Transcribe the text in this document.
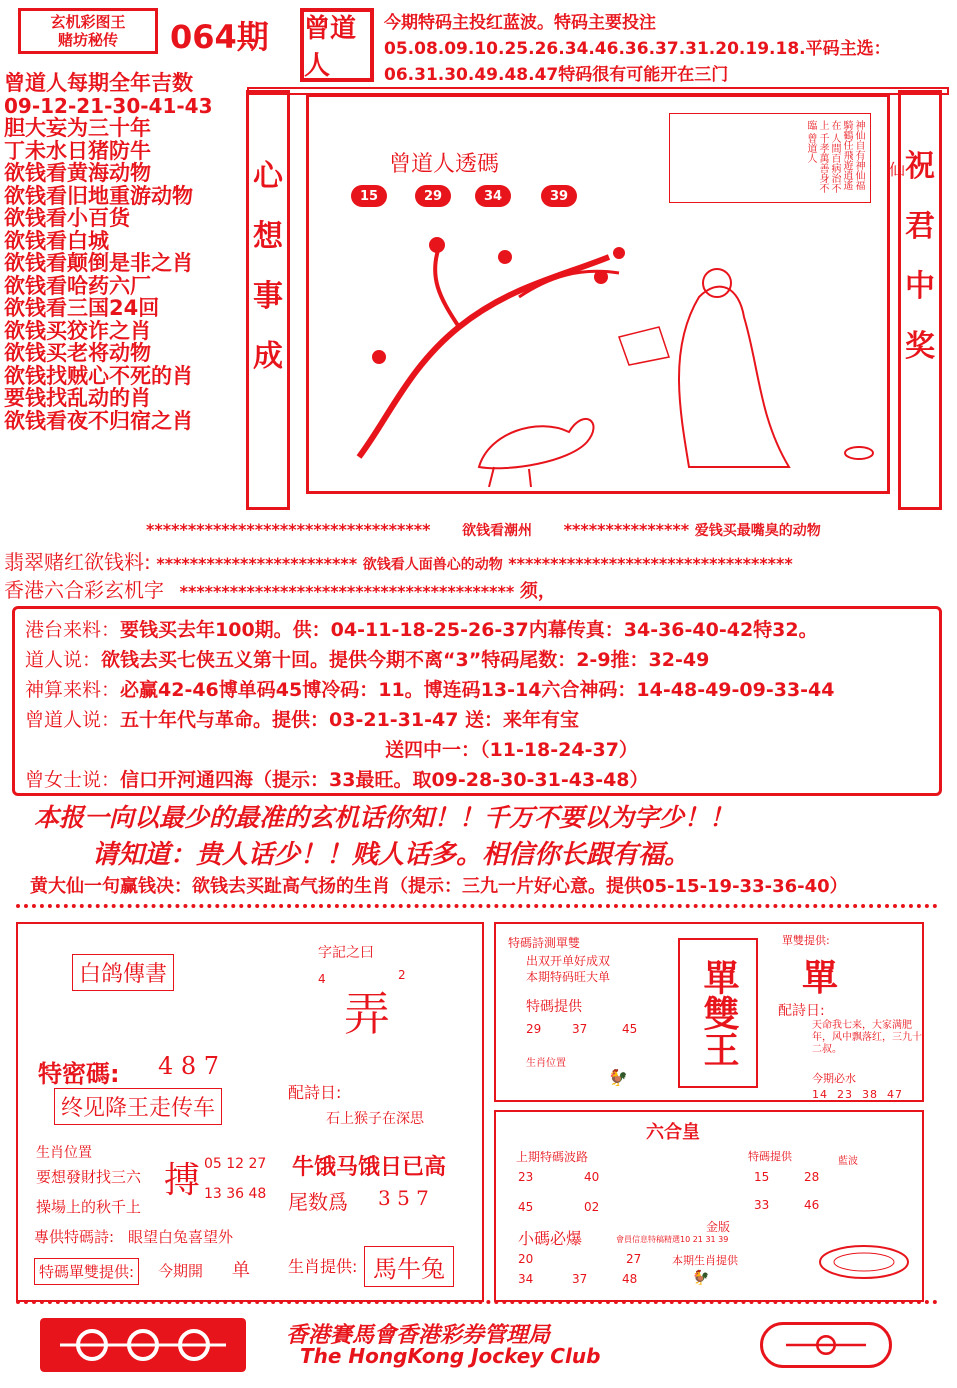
玄机彩图王
赌坊秘传 064期 曾道人
今期特码主投红蓝波。特码主要投注05.08.09.10.25.26.34.46.36.37.31.20.19.18.平码主选：06.31.30.49.48.47特码很有可能开在三门
曾道人每期全年吉数
09-12-21-30-41-43
胆大妄为三十年
丁未水日猪防牛
欲钱看黄海动物
欲钱看旧地重游动物
欲钱看小百货
欲钱看白城
欲钱看颠倒是非之肖
欲钱看哈药六厂
欲钱看三国24回
欲钱买狡诈之肖
欲钱买老将动物
欲钱找贼心不死的肖
要钱找乱动的肖
欲钱看夜不归宿之肖
心
想
事
成
祝
君
中
奖
曾道人透碼
15	29	34	39
神仙自有神仙福 騎鶴任飛遊逍遙在 人間百病治不上 千孝萬善身不臨 曾道人
仙
********************************** 欲钱看潮州 *************** 爱钱买最嘴臭的动物
翡翠赌红欲钱料: ************************ 欲钱看人面兽心的动物 **********************************
香港六合彩玄机字 **************************************** 须，
港台来料：要钱买去年100期。供：04-11-18-25-26-37内幕传真：34-36-40-42特32。
道人说：欲钱去买七侠五义第十回。提供今期不离“3”特码尾数：2-9推：32-49
神算来料：必赢42-46博单码45博冷码：11。博连码13-14六合神码：14-48-49-09-33-44
曾道人说：五十年代与革命。提供：03-21-31-47 送：来年有宝
送四中一：（11-18-24-37）
曾女士说：信口开河通四海（提示：33最旺。取09-28-30-31-43-48）
本报一向以最少的最准的玄机话你知！！千万不要以为字少！！
请知道：贵人话少！！贱人话多。相信你长跟有福。
黄大仙一句赢钱决：欲钱去买趾高气扬的生肖（提示：三九一片好心意。提供05-15-19-33-36-40）
白鸽傳書
字記之曰
4	2
弄
特密碼: 4 8 7
终见降王走传车
配詩日:
石上猴子在深思
生肖位置
要想發財找三六
操場上的秋千上
搏 05 12 27
13 36 48
牛饿马饿日已高
尾数爲 3 5 7
專供特碼詩: 眼望白兔喜望外
特碼單雙提供:	今期開 单 生肖提供: 馬牛兔
特碼詩測單雙
出双开单好成双
本期特码旺大单
特碼提供
29	37	45
生肖位置
🐓
單雙王
單雙提供:
單
配詩日:
天命我七来，大家满肥年，风中飘落红，三九十二叔。
今期必水
14 23 38 47
六合皇
上期特碼波路
23	40
45	02
特碼提供
15	28
33	46
藍波
金版
小碼必爆	會員信息特稿精選10 21 31 39
20	27
34	37	48
本期生肖提供
🐓
香港賽馬會香港彩券管理局
The HongKong Jockey Club
